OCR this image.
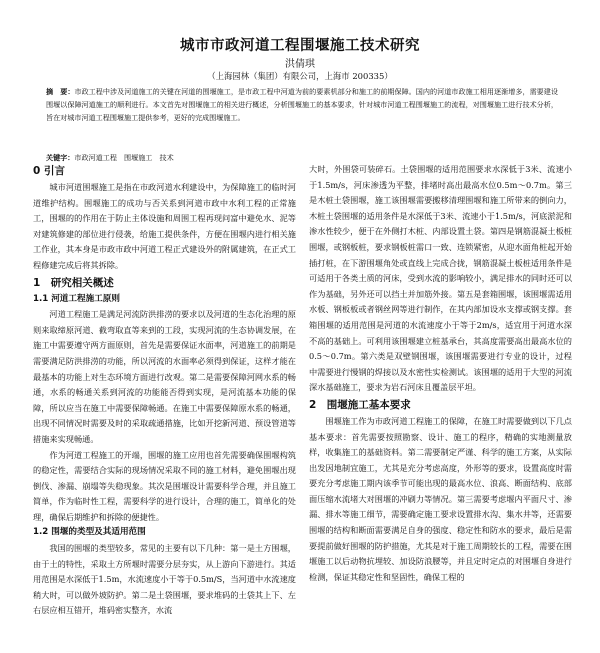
城市市政河道工程围堰施工技术研究
洪倩琪
（上海园林（集团）有限公司，上海市 200335）
摘　要：市政工程中涉及河道施工的关键在河道的围堰施工，是市政工程中河道为前的要素机部分和施工的前期保障。国内的河道市政施工相用逐渐增多，需要建设围堰以保障河道施工的顺利进行。本文首先对围堰施工的相关进行概述，分析围堰施工的基本要求，针对城市河道工程围堰施工的流程，对围堰施工进行技术分析，旨在对城市河道工程围堰施工提供参考，更好的完成围堰施工。
关键字：市政河道工程　围堰施工　技术
0 引言
城市河道围堰施工是指在市政河道水利建设中，为保障施工的临时河道维护结构。围堰施工的成功与否关系到河道市政中水利工程的正常施工，围堰的的作用在于防止主体设施和周围工程再现问富中避免水、泥等对建筑修建的部位进行侵袭，给施工提供条件，方便在围堰内进行相关施工作业，其本身是市政市政中河道工程正式建设外的附属建筑，在正式工程修建完成后将其拆除。
1　研究相关概述
1.1 河道工程施工原则
河道工程施工是满足河流防洪排涝的要求以及河道的生态化治理的原则来取缔原河道、截弯取直等来到的工段，实现河流的生态协调发展，在施工中需要遵守两方面原则，首先是需要保证水面率，河道施工的前期是需要满足防洪排涝的功能，所以河流的水面率必须得到保证，这样才能在最基本的功能上对生态环境方面进行改观。第二是需要保障河网水系的畅通，水系的畅通关系到河流的功能能否得到实现，是河流基本功能的保障，所以应当在施工中需要保障畅通。在施工中需要保障原水系的畅通，出现不同情况时需要及时的采取疏通措施，比如开挖新河道、预设管道等措施来实现畅通。
作为河道工程施工的开端，围堰的施工应用也首先需要确保围堰构筑的稳定性，需要结合实际的现场情况采取不同的施工材料，避免围堰出现倒伐、渗漏、崩塌等失稳现象。其次是围堰设计需要科学合理，并且施工简单，作为临时性工程，需要科学的进行设计，合理的施工，简单化的处理，确保后期维护和拆除的便捷性。
1.2 围堰的类型及其适用范围
我国的围堰的类型较多，常见的主要有以下几种：第一是土方围堰，由于土的特性，采取土方所堰时需要分层夯实，从上游向下游进行。其适用范围是水深低于1.5m，水流速度小于等于0.5m/S，当河道中水流速度稍大时，可以做外坡防护。第二是土袋围堰，要求堆码的土袋其上下、左右层应相互错开，堆码密实整齐，水流
大时，外围袋可装碎石。土袋围堰的适用范围要求水深低于3米、流速小于1.5m/s，河床渗透为平整，排堵时高出最高水位0.5m～0.7m。第三是木桩土袋围堰，施工该围堰需要搬移清理围堰和施工所带来的倒向力，木桩土袋围堰的适用条件是水深低于3米、流速小于1.5m/s，河底淤泥和渗水性较少，便于在外侧打木桩、内部设置土袋。第四是钢筋混凝土板桩围堰，或钢板桩，要求钢板桩需口一致、连锁紧密，从迎水面角桩起开始插打桩，在下游围堰角处或直线上完成合拢，钢筋混凝土板桩适用条件是可适用于各类土质的河床，受到水流的影响较小，满足排水的同时还可以作为基础，另外还可以挡土并加筋外接。第五是套箱围堰，该围堰需适用水板、钢板板或者钢丝网等进行制作，在其内部加设水支撑或钢支撑。套箱围堰的适用范围是河道的水流速度小于等于2m/s，适宜用于河道水深不高的基础上。可利用该围堰建立桩基承台，其高度需要高出最高水位的0.5～0.7m。第六类是双壁钢围堰，该围堰需要进行专业的设计，过程中需要进行慢钢的焊接以及水密性实检测试。该围堰的适用于大型的河流深水基础施工，要求为岩石河床且覆盖层平坦。
2　围堰施工基本要求
围堰施工作为市政河道工程施工的保障，在施工时需要做到以下几点基本要求：首先需要按照勘察、设计、施工的程序，精确的实地测量放样，收集施工的基础资料。第二需要制定严谨、科学的施工方案，从实际出发因地制宜施工，尤其是充分考虑高度，外形等的要求，设置高度时需要充分考虑施工期内该季节可能出现的最高水位、浪高、断面结构、底部面压缩水流堵大对围堰的冲刷力等情况。第三需要考虑堰内平面尺寸、渗漏、排水等施工细节，需要确定施工要求设置排水沟、集水井等，还需要围堰的结构和断面需要满足自身的强度、稳定性和防水的要求，最后是需要提前做好围堰的防护措施，尤其是对于施工周期较长的工程，需要在围堰施工以后动物抗埋较、加设防浪腰等，并且定时定点的对围堰自身进行检测，保证其稳定性和坚固性，确保工程的
